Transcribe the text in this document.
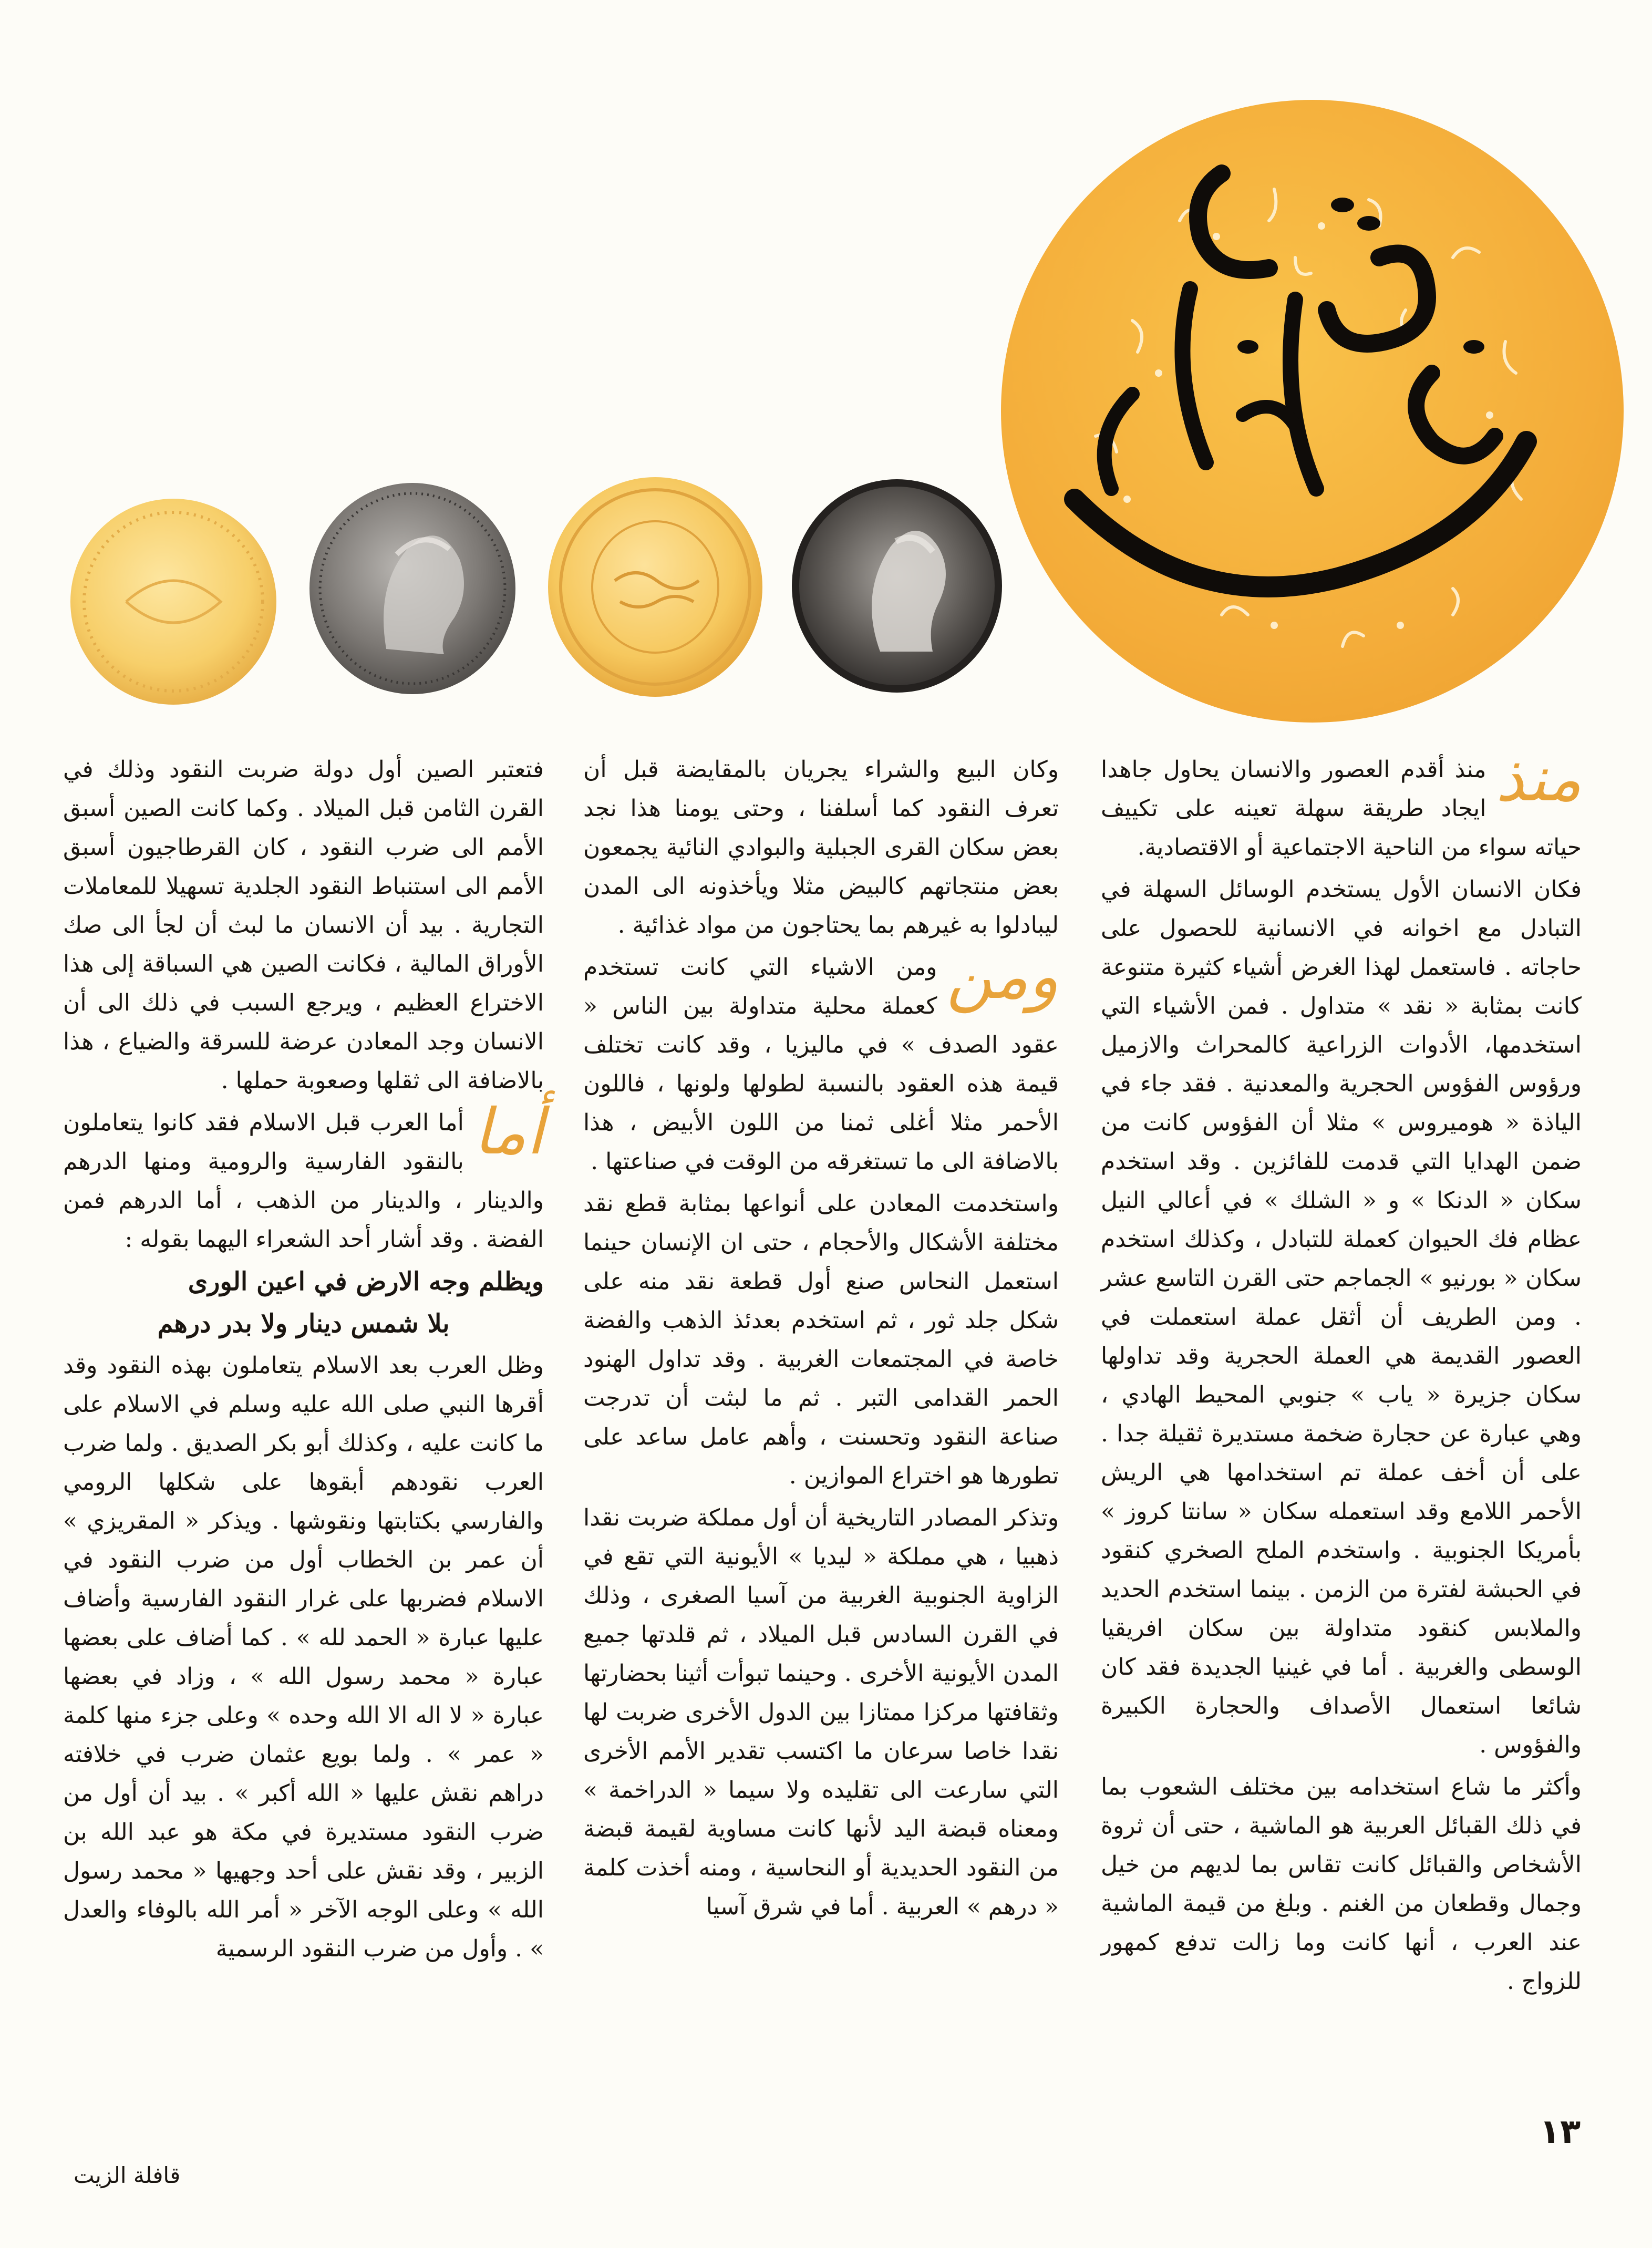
منذ

منذ أقدم العصور والانسان يحاول جاهدا ايجاد طريقة سهلة تعينه على تكييف حياته سواء من الناحية الاجتماعية أو الاقتصادية.

فكان الانسان الأول يستخدم الوسائل السهلة في التبادل مع اخوانه في الانسانية للحصول على حاجاته . فاستعمل لهذا الغرض أشياء كثيرة متنوعة كانت بمثابة « نقد » متداول . فمن الأشياء التي استخدمها، الأدوات الزراعية كالمحراث والازميل ورؤوس الفؤوس الحجرية والمعدنية . فقد جاء في الياذة « هوميروس » مثلا أن الفؤوس كانت من ضمن الهدايا التي قدمت للفائزين . وقد استخدم سكان « الدنكا » و « الشلك » في أعالي النيل عظام فك الحيوان كعملة للتبادل ، وكذلك استخدم سكان « بورنيو » الجماجم حتى القرن التاسع عشر . ومن الطريف أن أثقل عملة استعملت في العصور القديمة هي العملة الحجرية وقد تداولها سكان جزيرة « ياب » جنوبي المحيط الهادي ، وهي عبارة عن حجارة ضخمة مستديرة ثقيلة جدا . على أن أخف عملة تم استخدامها هي الريش الأحمر اللامع وقد استعمله سكان « سانتا كروز » بأمريكا الجنوبية . واستخدم الملح الصخري كنقود في الحبشة لفترة من الزمن . بينما استخدم الحديد والملابس كنقود متداولة بين سكان افريقيا الوسطى والغربية . أما في غينيا الجديدة فقد كان شائعا استعمال الأصداف والحجارة الكبيرة والفؤوس .

وأكثر ما شاع استخدامه بين مختلف الشعوب بما في ذلك القبائل العربية هو الماشية ، حتى أن ثروة الأشخاص والقبائل كانت تقاس بما لديهم من خيل وجمال وقطعان من الغنم . وبلغ من قيمة الماشية عند العرب ، أنها كانت وما زالت تدفع كمهور للزواج .

وكان البيع والشراء يجريان بالمقايضة قبل أن تعرف النقود كما أسلفنا ، وحتى يومنا هذا نجد بعض سكان القرى الجبلية والبوادي النائية يجمعون بعض منتجاتهم كالبيض مثلا ويأخذونه الى المدن ليبادلوا به غيرهم بما يحتاجون من مواد غذائية .

ومن

ومن الاشياء التي كانت تستخدم كعملة محلية متداولة بين الناس « عقود الصدف » في ماليزيا ، وقد كانت تختلف قيمة هذه العقود بالنسبة لطولها ولونها ، فاللون الأحمر مثلا أغلى ثمنا من اللون الأبيض ، هذا بالاضافة الى ما تستغرقه من الوقت في صناعتها .

واستخدمت المعادن على أنواعها بمثابة قطع نقد مختلفة الأشكال والأحجام ، حتى ان الإنسان حينما استعمل النحاس صنع أول قطعة نقد منه على شكل جلد ثور ، ثم استخدم بعدئذ الذهب والفضة خاصة في المجتمعات الغربية . وقد تداول الهنود الحمر القدامى التبر . ثم ما لبثت أن تدرجت صناعة النقود وتحسنت ، وأهم عامل ساعد على تطورها هو اختراع الموازين .

وتذكر المصادر التاريخية أن أول مملكة ضربت نقدا ذهبيا ، هي مملكة « ليديا » الأيونية التي تقع في الزاوية الجنوبية الغربية من آسيا الصغرى ، وذلك في القرن السادس قبل الميلاد ، ثم قلدتها جميع المدن الأيونية الأخرى . وحينما تبوأت أثينا بحضارتها وثقافتها مركزا ممتازا بين الدول الأخرى ضربت لها نقدا خاصا سرعان ما اكتسب تقدير الأمم الأخرى التي سارعت الى تقليده ولا سيما « الدراخمة » ومعناه قبضة اليد لأنها كانت مساوية لقيمة قبضة من النقود الحديدية أو النحاسية ، ومنه أخذت كلمة « درهم » العربية . أما في شرق آسيا

فتعتبر الصين أول دولة ضربت النقود وذلك في القرن الثامن قبل الميلاد . وكما كانت الصين أسبق الأمم الى ضرب النقود ، كان القرطاجيون أسبق الأمم الى استنباط النقود الجلدية تسهيلا للمعاملات التجارية . بيد أن الانسان ما لبث أن لجأ الى صك الأوراق المالية ، فكانت الصين هي السباقة إلى هذا الاختراع العظيم ، ويرجع السبب في ذلك الى أن الانسان وجد المعادن عرضة للسرقة والضياع ، هذا بالاضافة الى ثقلها وصعوبة حملها .

أما

أما العرب قبل الاسلام فقد كانوا يتعاملون بالنقود الفارسية والرومية ومنها الدرهم والدينار ، والدينار من الذهب ، أما الدرهم فمن الفضة . وقد أشار أحد الشعراء اليهما بقوله :

ويظلم وجه الارض في اعين الورى

بلا شمس دينار ولا بدر درهم

وظل العرب بعد الاسلام يتعاملون بهذه النقود وقد أقرها النبي صلى الله عليه وسلم في الاسلام على ما كانت عليه ، وكذلك أبو بكر الصديق . ولما ضرب العرب نقودهم أبقوها على شكلها الرومي والفارسي بكتابتها ونقوشها . ويذكر « المقريزي » أن عمر بن الخطاب أول من ضرب النقود في الاسلام فضربها على غرار النقود الفارسية وأضاف عليها عبارة « الحمد لله » . كما أضاف على بعضها عبارة « محمد رسول الله » ، وزاد في بعضها عبارة « لا اله الا الله وحده » وعلى جزء منها كلمة « عمر » . ولما بويع عثمان ضرب في خلافته دراهم نقش عليها « الله أكبر » . بيد أن أول من ضرب النقود مستديرة في مكة هو عبد الله بن الزبير ، وقد نقش على أحد وجهيها « محمد رسول الله » وعلى الوجه الآخر « أمر الله بالوفاء والعدل » . وأول من ضرب النقود الرسمية

١٣
قافلة الزيت
